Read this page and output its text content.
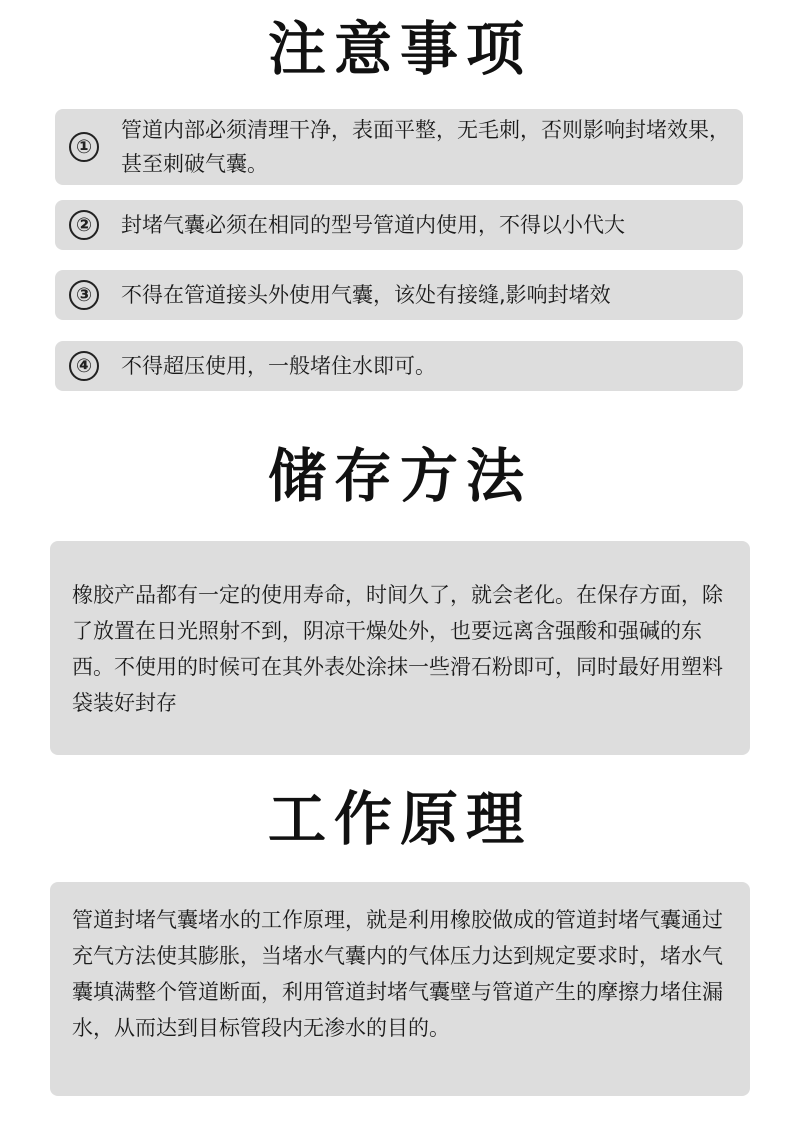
注意事项
①
管道内部必须清理干净，表面平整，无毛刺，否则影响封堵效果，甚至刺破气囊。
②	封堵气囊必须在相同的型号管道内使用，不得以小代大
③	不得在管道接头外使用气囊，该处有接缝,影响封堵效
④	不得超压使用，一般堵住水即可。
储存方法

橡胶产品都有一定的使用寿命，时间久了，就会老化。在保存方面，除了放置在日光照射不到，阴凉干燥处外，也要远离含强酸和强碱的东西。不使用的时候可在其外表处涂抹一些滑石粉即可，同时最好用塑料袋装好封存

工作原理

管道封堵气囊堵水的工作原理，就是利用橡胶做成的管道封堵气囊通过充气方法使其膨胀，当堵水气囊内的气体压力达到规定要求时，堵水气囊填满整个管道断面，利用管道封堵气囊壁与管道产生的摩擦力堵住漏水，从而达到目标管段内无渗水的目的。
